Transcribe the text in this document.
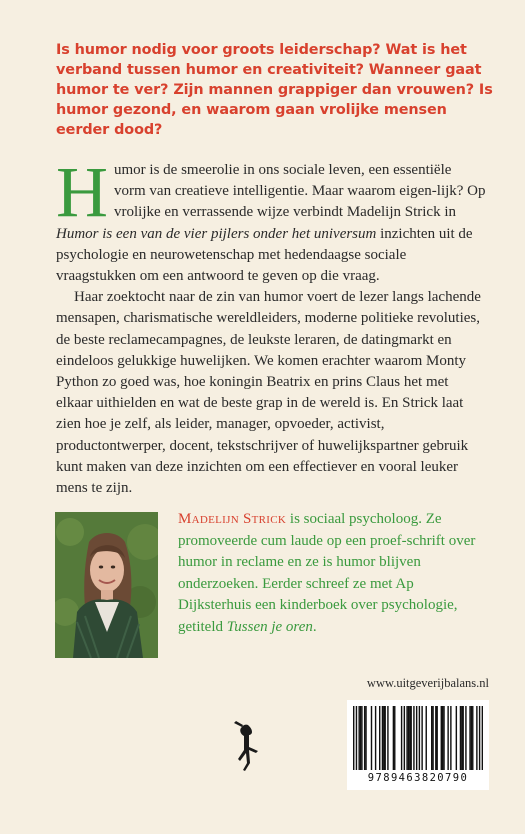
Is humor nodig voor groots leiderschap? Wat is het verband tussen humor en creativiteit? Wanneer gaat humor te ver? Zijn mannen grappiger dan vrouwen? Is humor gezond, en waarom gaan vrolijke mensen eerder dood?

Humor is de smeerolie in ons sociale leven, een essentiële vorm van creatieve intelligentie. Maar waarom eigen-lijk? Op vrolijke en verrassende wijze verbindt Madelijn Strick in Humor is een van de vier pijlers onder het universum inzichten uit de psychologie en neurowetenschap met hedendaagse sociale vraagstukken om een antwoord te geven op die vraag.

Haar zoektocht naar de zin van humor voert de lezer langs lachende mensapen, charismatische wereldleiders, moderne politieke revoluties, de beste reclamecampagnes, de leukste leraren, de datingmarkt en eindeloos gelukkige huwelijken. We komen erachter waarom Monty Python zo goed was, hoe koningin Beatrix en prins Claus het met elkaar uithielden en wat de beste grap in de wereld is. En Strick laat zien hoe je zelf, als leider, manager, opvoeder, activist, productontwerper, docent, tekstschrijver of huwelijkspartner gebruik kunt maken van deze inzichten om een effectiever en vooral leuker mens te zijn.

Madelijn Strick is sociaal psycholoog. Ze promoveerde cum laude op een proef-schrift over humor in reclame en ze is humor blijven onderzoeken. Eerder schreef ze met Ap Dijksterhuis een kinderboek over psychologie, getiteld Tussen je oren.

www.uitgeverijbalans.nl
9789463820790
